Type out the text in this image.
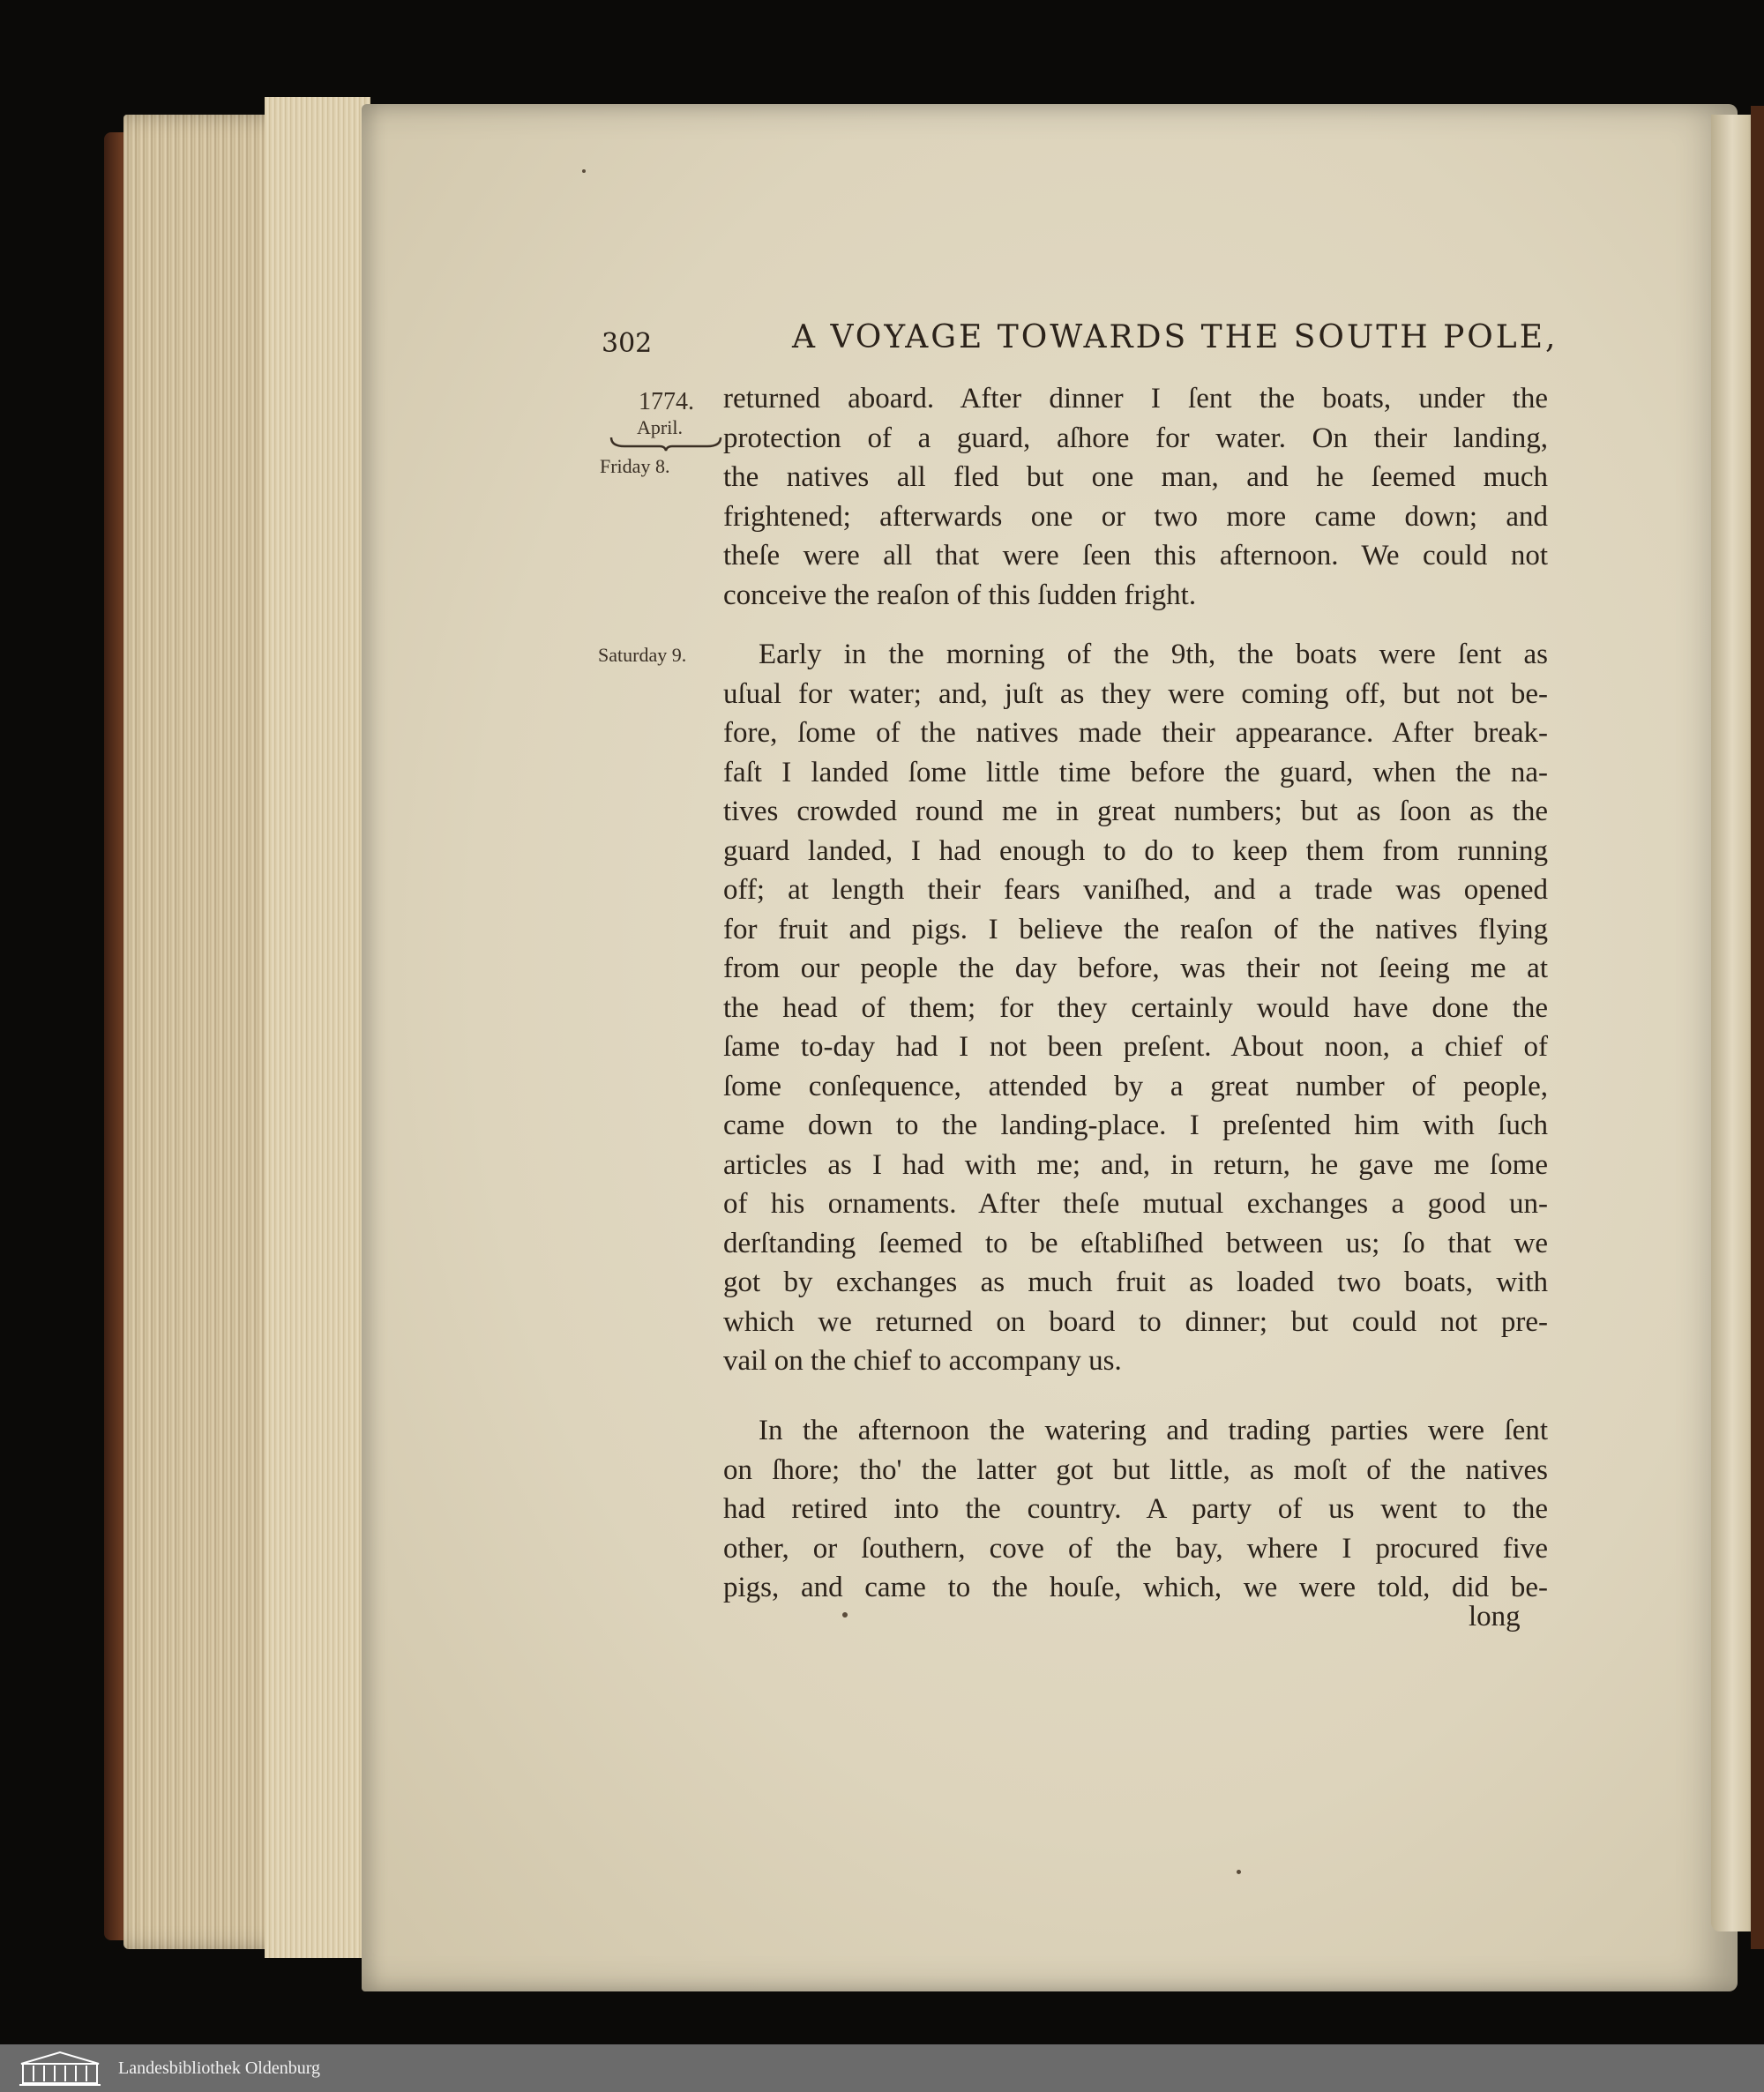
302	A VOYAGE TOWARDS THE SOUTH POLE,
1774.
April.
Friday 8.
Saturday 9.
returned aboard. After dinner I ſent the boats, under the
protection of a guard, aſhore for water. On their landing,
the natives all fled but one man, and he ſeemed much
frightened; afterwards one or two more came down; and
theſe were all that were ſeen this afternoon. We could not
conceive the reaſon of this ſudden fright.
Early in the morning of the 9th, the boats were ſent as
uſual for water; and, juſt as they were coming off, but not be-
fore, ſome of the natives made their appearance. After break-
faſt I landed ſome little time before the guard, when the na-
tives crowded round me in great numbers; but as ſoon as the
guard landed, I had enough to do to keep them from running
off; at length their fears vaniſhed, and a trade was opened
for fruit and pigs. I believe the reaſon of the natives flying
from our people the day before, was their not ſeeing me at
the head of them; for they certainly would have done the
ſame to-day had I not been preſent. About noon, a chief of
ſome conſequence, attended by a great number of people,
came down to the landing-place. I preſented him with ſuch
articles as I had with me; and, in return, he gave me ſome
of his ornaments. After theſe mutual exchanges a good un-
derſtanding ſeemed to be eſtabliſhed between us; ſo that we
got by exchanges as much fruit as loaded two boats, with
which we returned on board to dinner; but could not pre-
vail on the chief to accompany us.
In the afternoon the watering and trading parties were ſent
on ſhore; tho' the latter got but little, as moſt of the natives
had retired into the country. A party of us went to the
other, or ſouthern, cove of the bay, where I procured five
pigs, and came to the houſe, which, we were told, did be-
long
Landesbibliothek Oldenburg
